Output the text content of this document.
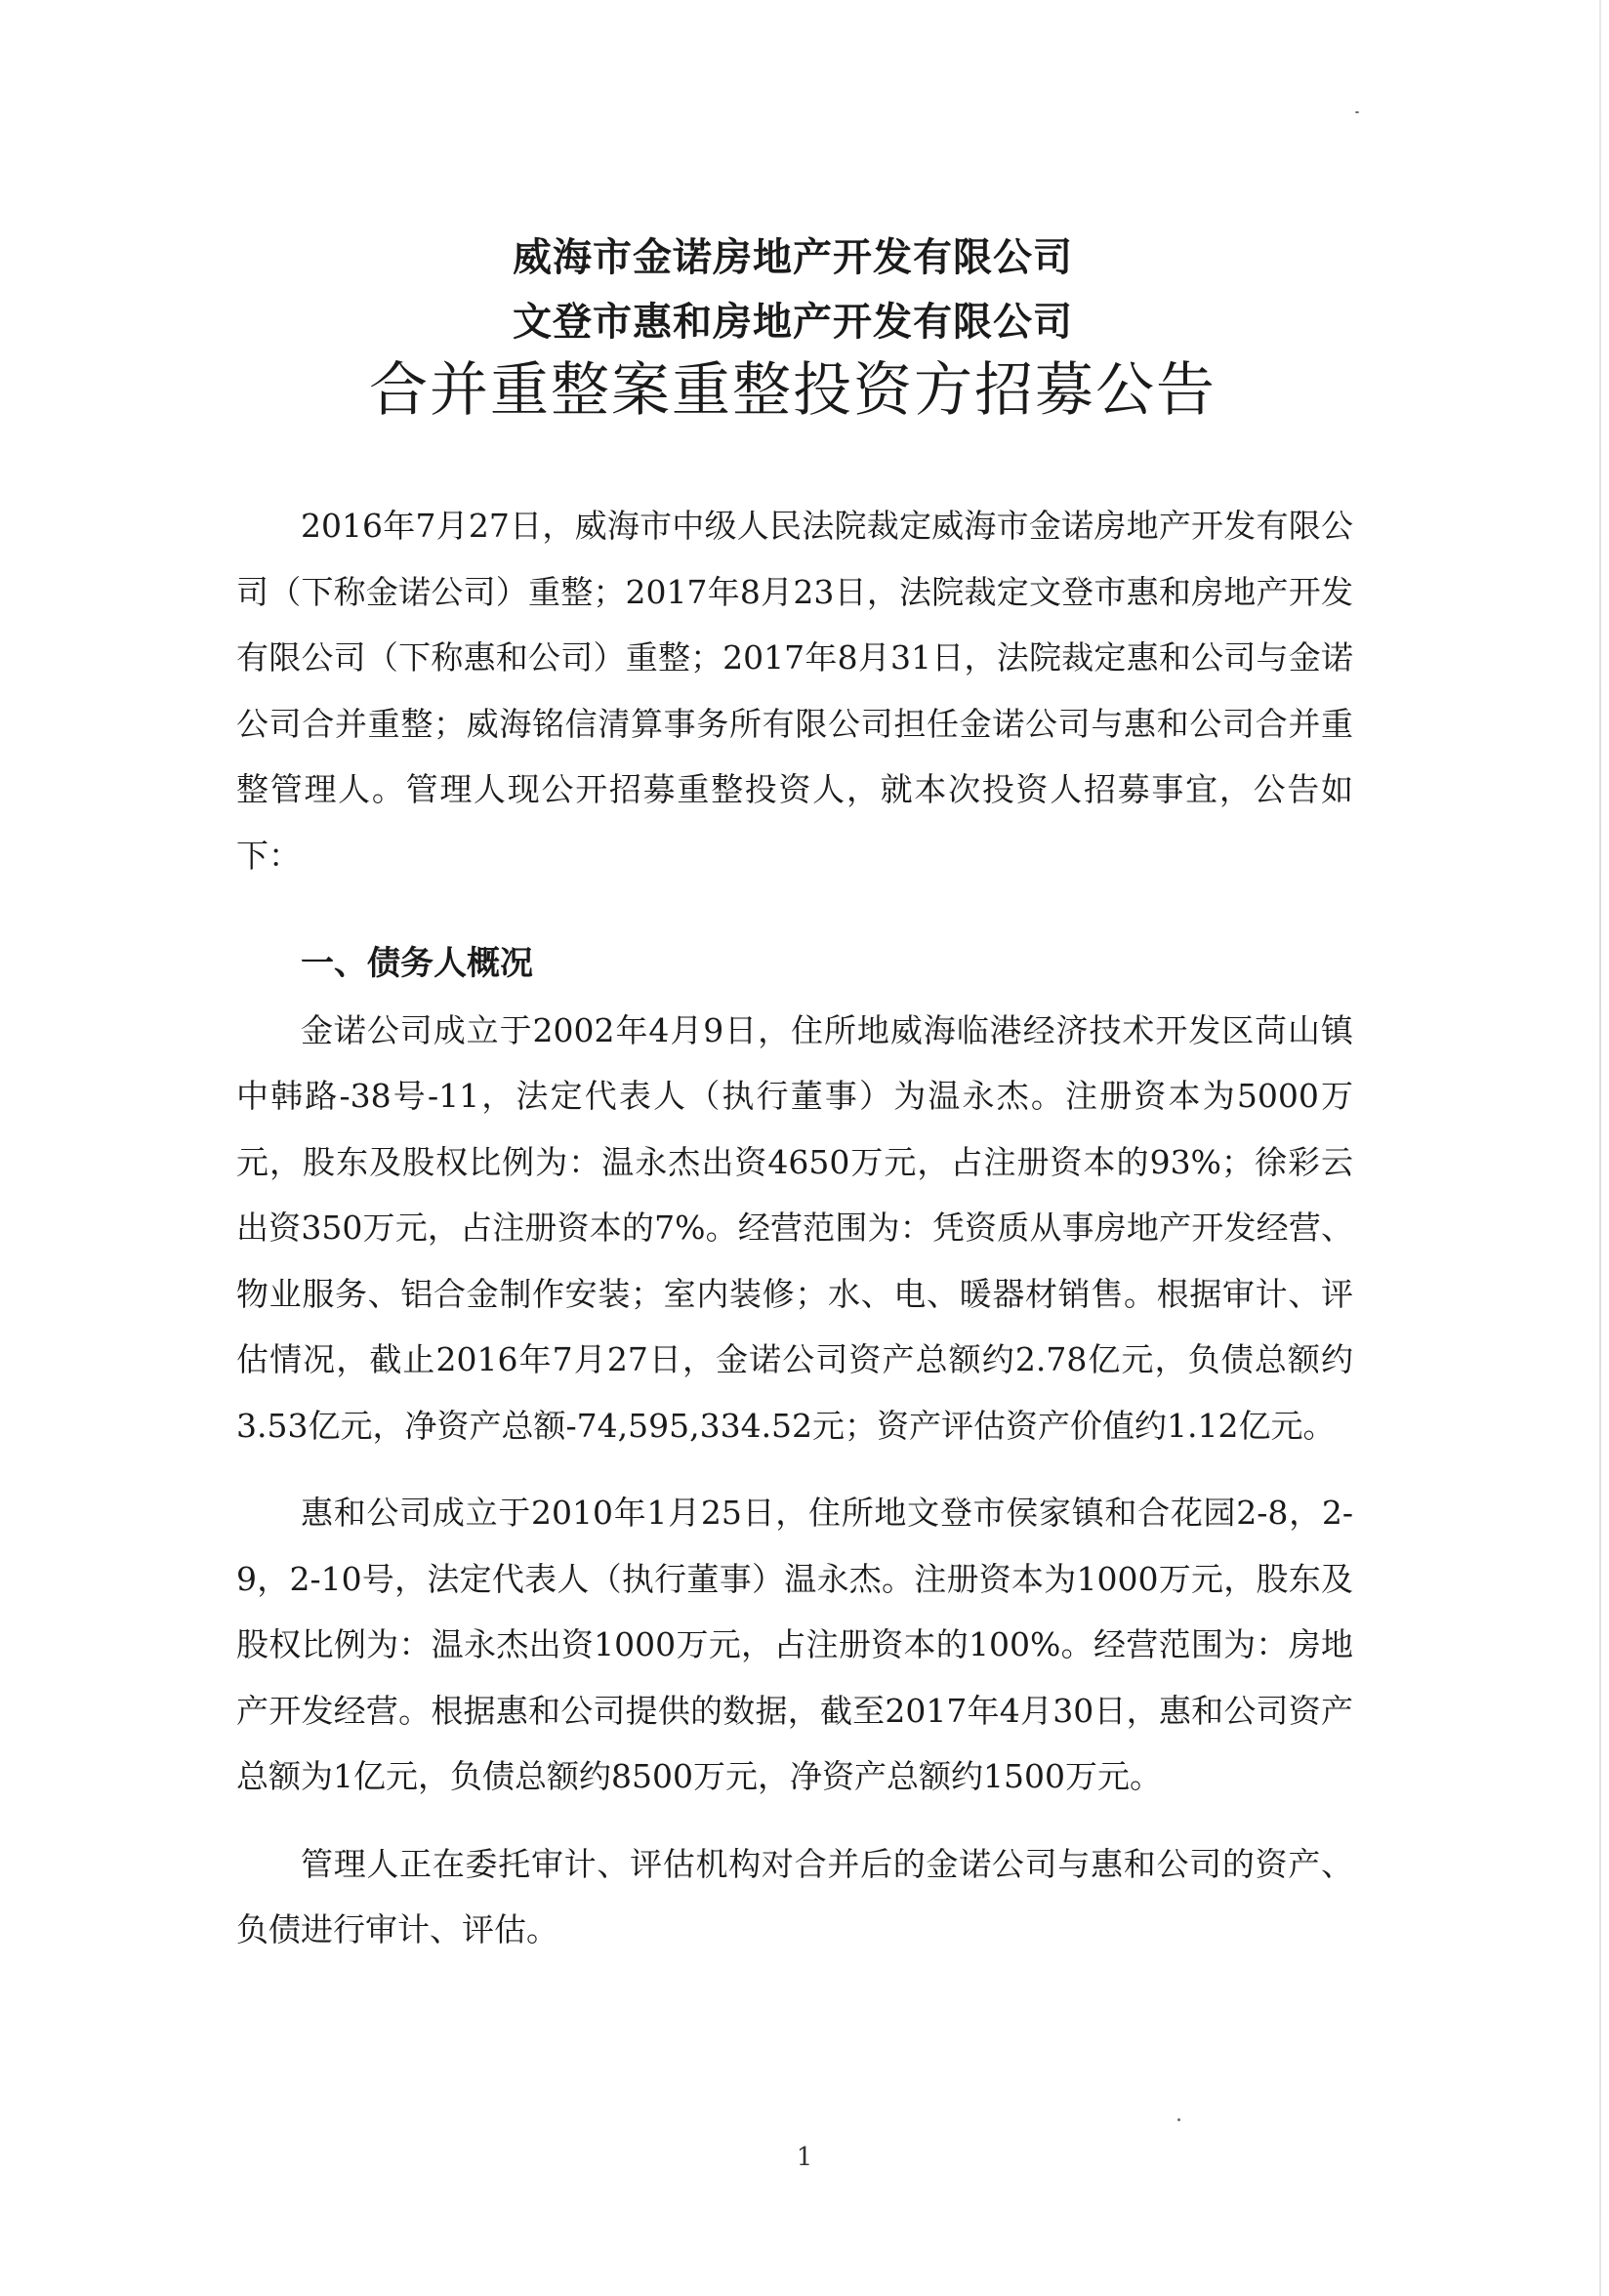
威海市金诺房地产开发有限公司
文登市惠和房地产开发有限公司
合并重整案重整投资方招募公告

2016年7月27日，威海市中级人民法院裁定威海市金诺房地产开发有限公司（下称金诺公司）重整；2017年8月23日，法院裁定文登市惠和房地产开发有限公司（下称惠和公司）重整；2017年8月31日，法院裁定惠和公司与金诺公司合并重整；威海铭信清算事务所有限公司担任金诺公司与惠和公司合并重整管理人。管理人现公开招募重整投资人，就本次投资人招募事宜，公告如下：

一、债务人概况

金诺公司成立于2002年4月9日，住所地威海临港经济技术开发区苘山镇中韩路-38号-11，法定代表人（执行董事）为温永杰。注册资本为5000万元，股东及股权比例为：温永杰出资4650万元，占注册资本的93%；徐彩云出资350万元，占注册资本的7%。经营范围为：凭资质从事房地产开发经营、物业服务、铝合金制作安装；室内装修；水、电、暖器材销售。根据审计、评估情况，截止2016年7月27日，金诺公司资产总额约2.78亿元，负债总额约3.53亿元，净资产总额-74,595,334.52元；资产评估资产价值约1.12亿元。

惠和公司成立于2010年1月25日，住所地文登市侯家镇和合花园2-8，2-9，2-10号，法定代表人（执行董事）温永杰。注册资本为1000万元，股东及股权比例为：温永杰出资1000万元，占注册资本的100%。经营范围为：房地产开发经营。根据惠和公司提供的数据，截至2017年4月30日，惠和公司资产总额为1亿元，负债总额约8500万元，净资产总额约1500万元。

管理人正在委托审计、评估机构对合并后的金诺公司与惠和公司的资产、负债进行审计、评估。

1
